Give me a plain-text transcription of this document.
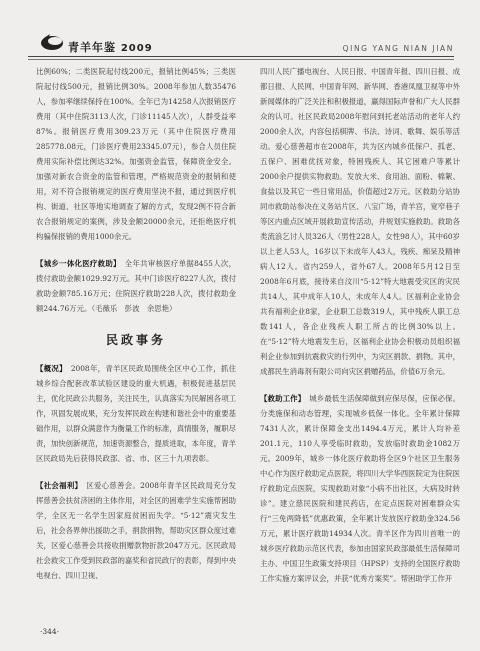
青羊年鉴 2009	QING YANG NIAN JIAN

比例60%；二类医院起付线200元，报销比例45%；三类医院起付线500元，报销比例30%。2008年参加人数35476人，参加率继续保持在100%。全年已为14258人次报销医疗费用（其中住院3113人次，门诊11145人次），人群受益率87%。报销医疗费用309.23万元（其中住院医疗费用285778.08元，门诊医疗费用23345.07元），参合人员住院费用实际补偿比例达32%。加强资金监管，保障资金安全。加强对新农合资金的监管和管理，严格规范资金的报销和使用，对不符合报销规定的医疗费用坚决不报，通过到医疗机构、街道、社区等地实地调查了解的方式，发现2例不符合新农合报销规定的案例，涉及金额20000余元，还拒绝医疗机构骗保报销的费用1000余元。

【城乡一体化医疗救助】 全年共审核医疗单据8455人次，拨付救助金额1029.92万元。其中门诊医疗8227人次，拨付救助金额785.16万元；住院医疗救助228人次，拨付救助金额244.76万元。（毛薇乐　彭波　余思艳）

民政事务

【概况】 2008年，青羊区民政局围绕全区中心工作，抓住城乡综合配套改革试验区建设的重大机遇，积极促进基层民主，优化民政公共服务，关注民生，认真落实为民解困各项工作，巩固发展成果，充分发挥民政在构建和谐社会中的重要基础作用，以群众满意作为衡量工作的标准，真情服务，履职尽责，加快创新规范，加速资源整合，提质进取，本年度，青羊区民政局先后获得民政部、省、市、区三十九项表彰。

【社会福利】 区爱心慈善会。2008年青羊区民政局充分发挥慈善会扶贫济困的主体作用，对全区的困难学生实施帮困助学，全区无一名学生因家庭贫困而失学。“5·12”震灾发生后，社会各界伸出援助之手，捐款捐物，帮助灾区群众度过难关，区爱心慈善会共接收捐赠款物折款2047万元。区民政局社会救灾工作受到民政部的嘉奖和省民政厅的表彰，得到中央电视台、四川卫视、

四川人民广播电视台、人民日报、中国青年报、四川日报、成都日报、人民网、中国青年网、新华网、香港凤凰卫视等中外新闻媒体的广泛关注和积极报道，赢得国际声誉和广大人民群众的认可。社区民政局2008年慰问到托老站活动的老年人约2000余人次，内容包括棋牌、书法、诗词、歌舞、娱乐等活动。爱心慈善超市在2008年，共为区内城乡低保户、孤老、五保户、困难优抚对象，特困残疾人、其它困难户等累计2000余户提供实物救助。发放大米、食用油、面粉、棉絮、食盐以及其它一些日常用品，价值超过2万元。区救助分站协同市救助站参决在义务站片区、八宝广场，青羊宫，宽窄巷子等区内重点区域开展救助宣传活动，并规划实施救助。救助各类流浪乞讨人员326人（男性228人，女性98人），其中60岁以上老人53人，16岁以下未成年人43人，残疾、痴呆及精神病人12人。省内259人，省外67人。2008年5月12日至2008年6月底，接待来自汶川“5·12”特大地震受灾区的灾民共14人，其中成年人10人，未成年人4人。区福利企业协会共有福利企业8家，企业职工总数319人，其中残疾人职工总数141人，各企业残疾人职工所占的比例30%以上。在“5·12”特大地震发生后，区福利企业协会积极动员组织福利企业参加到抗震救灾的行列中，为灾区捐款、捐物。其中，成都民生消毒剂有限公司向灾区捐赠药品，价值6万余元。

【救助工作】 城乡最低生活保障做到应保尽保，应保必保。分类施保和动态管理，实现城乡低保一体化。全年累计保障7431人次，累计保障金支出1494.4万元，累计人均补差201.1元，110人享受临时救助，发放临时救助金1082万元。2009年，城乡一体化医疗救助将全区9个社区卫生服务中心作为医疗救助定点医院，将四川大学华西医院定为住院医疗救助定点医院，实现救助对象“小病不出社区，大病及时转诊”。建立慈民医院和建民药店，在定点医院对困难群众实行“三免两降低”优惠政策，全年累计发放医疗救助金324.56万元，累计医疗救助14934人次。青羊区作为四川首唯一的城乡医疗救助示范区代表，参加由国家民政部最低生活保障司主办、中国卫生政策支持项目（HPSP）支持的全国医疗救助工作实施方案评议会，并获“优秀方案奖”。帮困助学工作开

·344·
